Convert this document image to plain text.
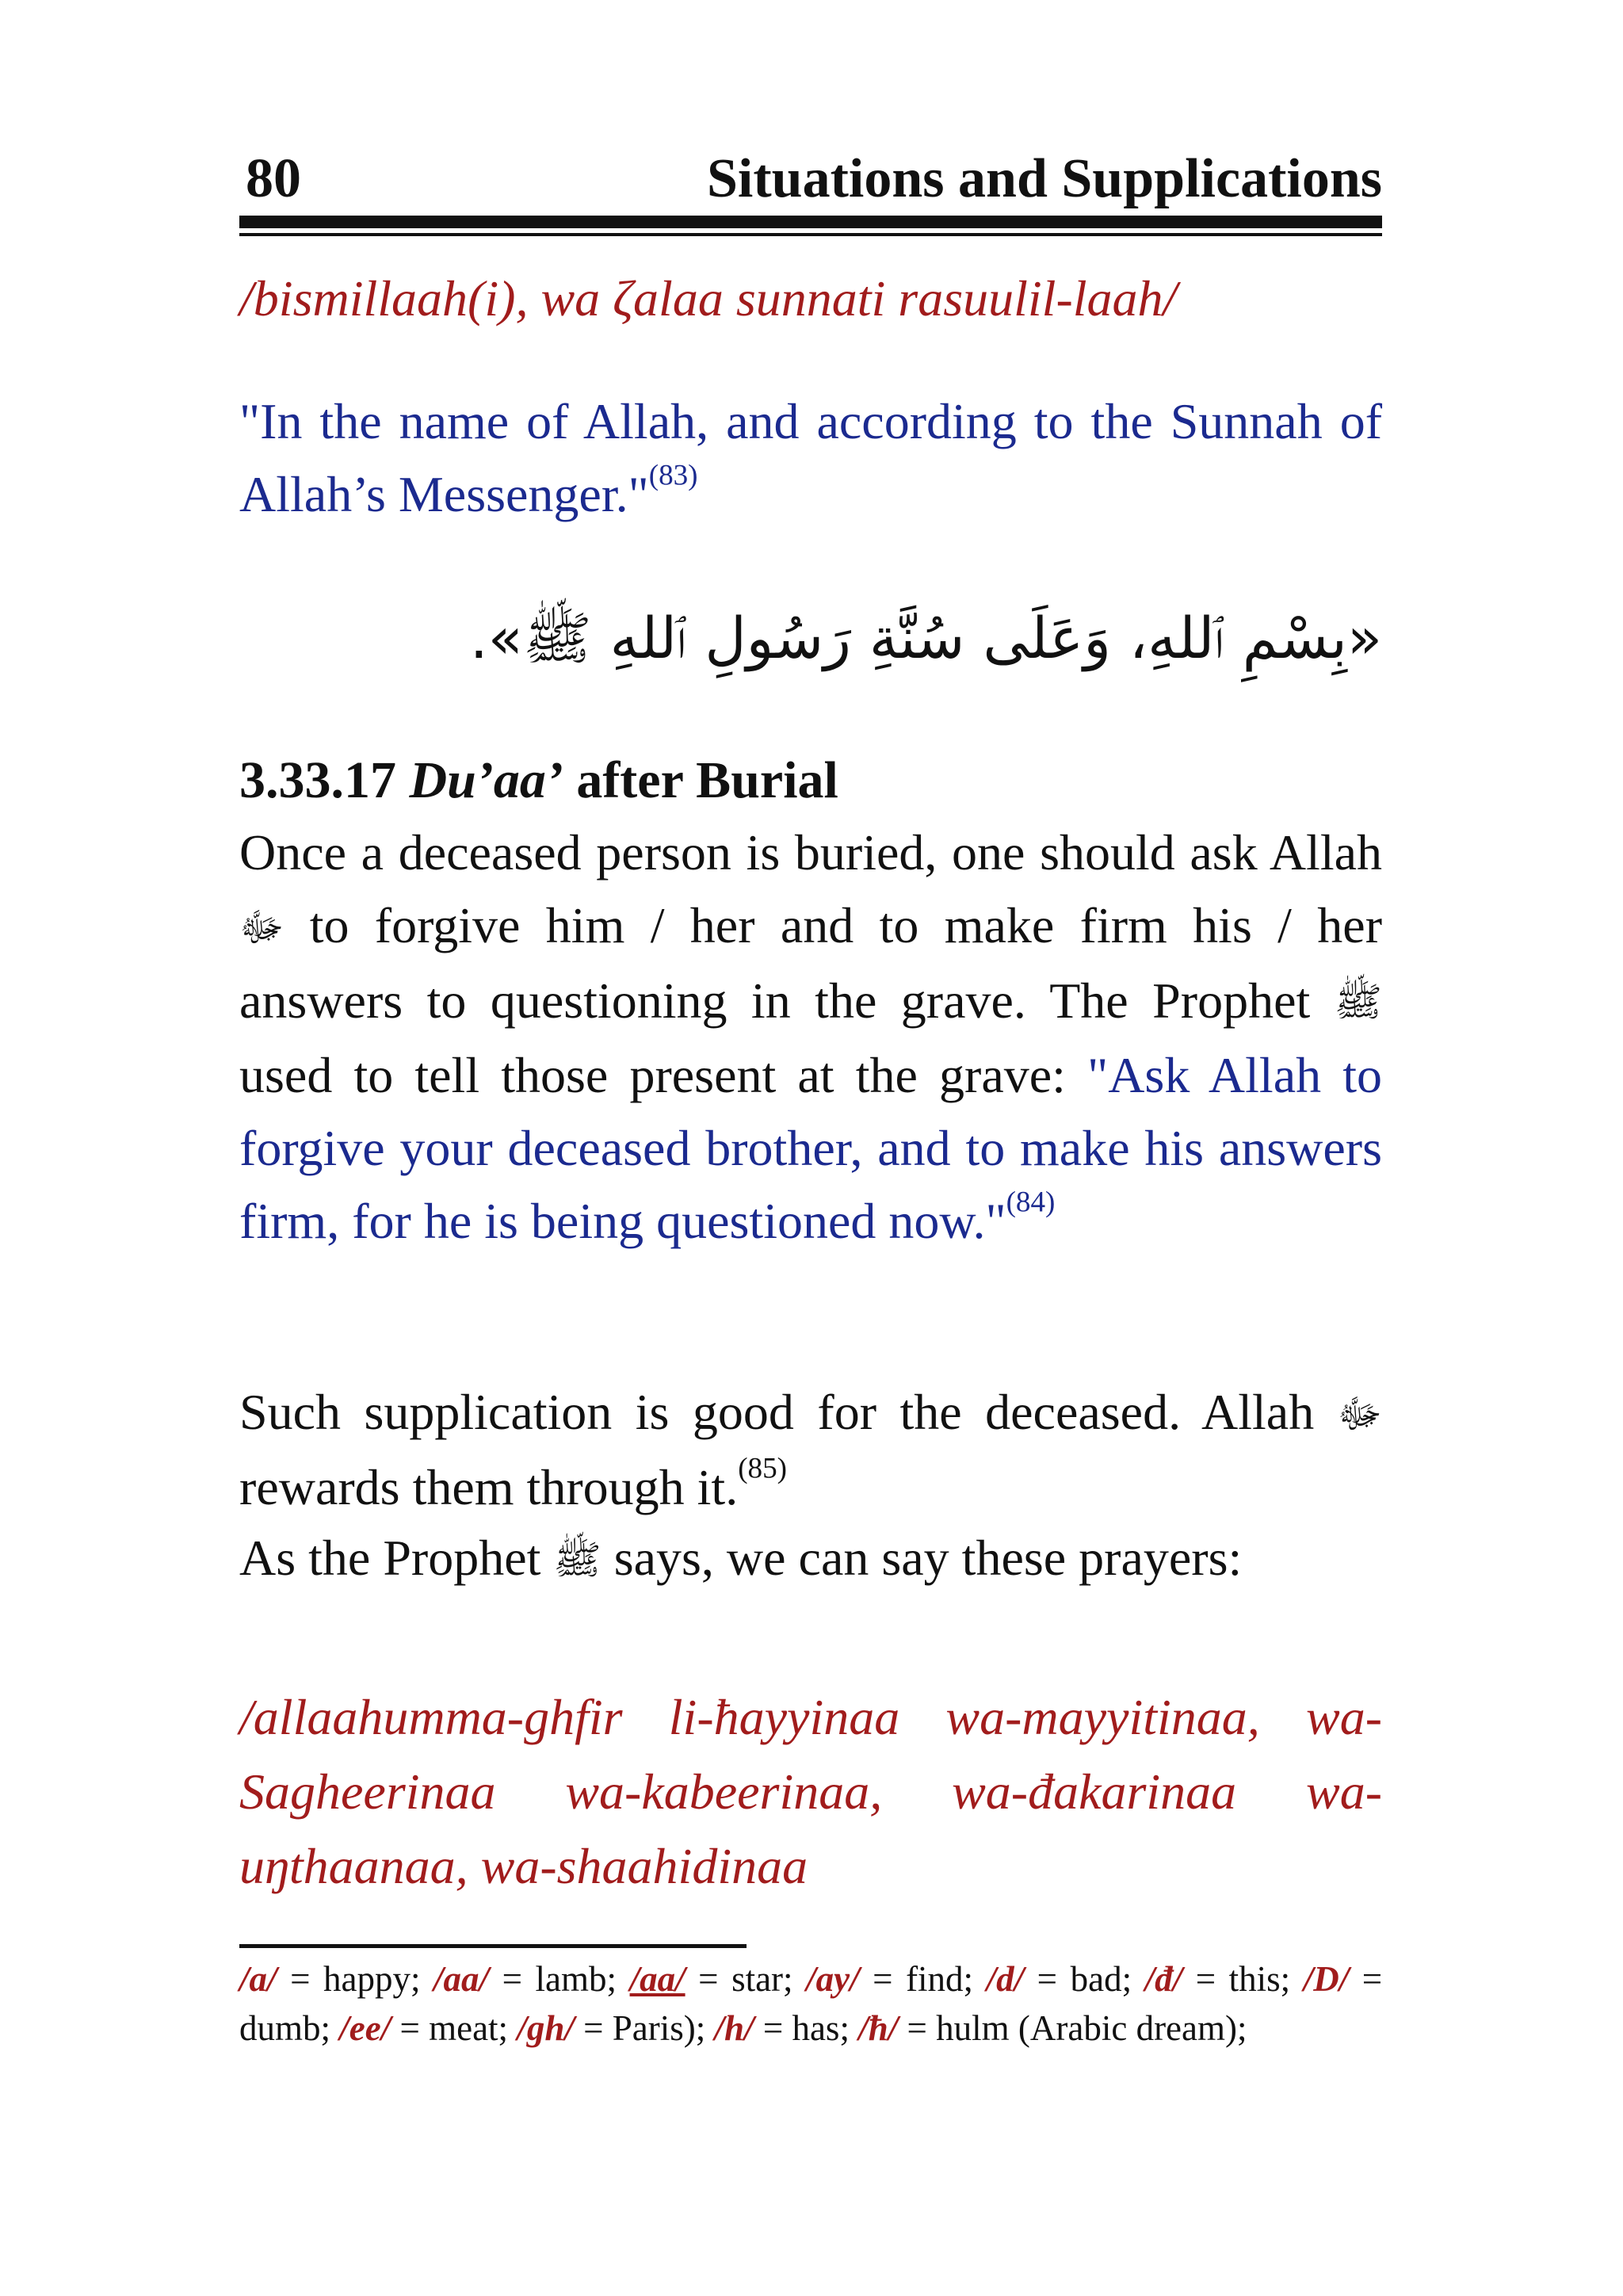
80	Situations and Supplications
/bismillaah(i), wa ζalaa sunnati rasuulil-laah/
"In the name of Allah, and according to the Sunnah of Allah’s Messenger."$^{(83)}$
«بِسْمِ ٱللهِ، وَعَلَى سُنَّةِ رَسُولِ ٱللهِ ﷺ».
3.33.17 Du’aa’ after Burial
Once a deceased person is buried, one should ask Allah ﷻ to forgive him / her and to make firm his / her answers to questioning in the grave. The Prophet ﷺ used to tell those present at the grave: "Ask Allah to forgive your deceased brother, and to make his answers firm, for he is being questioned now."$^{(84)}$
Such supplication is good for the deceased. Allah ﷻ rewards them through it.$^{(85)}$
As the Prophet ﷺ says, we can say these prayers:
/allaahumma-ghfir li-ħayyinaa wa-mayyitinaa, wa-Sagheerinaa wa-kabeerinaa, wa-đakarinaa wa-uŋthaanaa, wa-shaahidinaa
/a/ = happy; /aa/ = lamb; /aa/ = star; /ay/ = find; /d/ = bad; /đ/ = this; /D/ = dumb; /ee/ = meat; /gh/ = Paris); /h/ = has; /ħ/ = hulm (Arabic dream);
